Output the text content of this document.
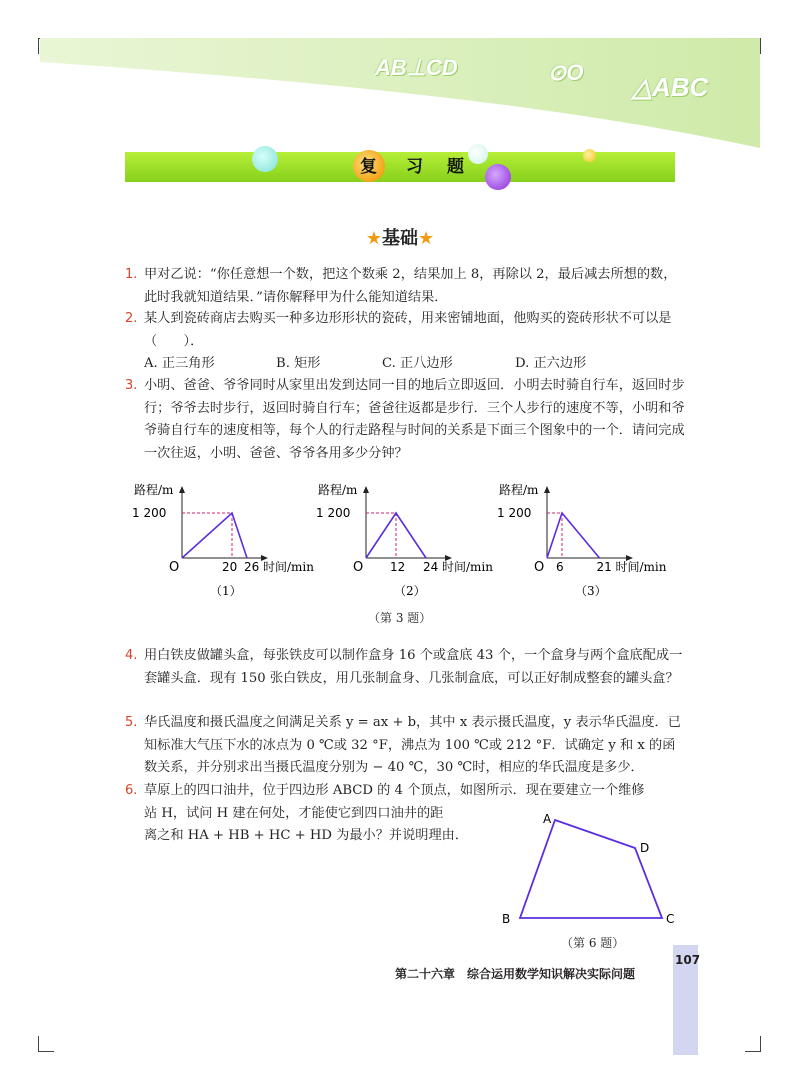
AB⊥CD	⊙O △ABC
复 习 题
★基础★
1. 甲对乙说：“你任意想一个数，把这个数乘 2，结果加上 8，再除以 2，最后减去所想的数，此时我就知道结果．”请你解释甲为什么能知道结果．
2. 某人到瓷砖商店去购买一种多边形形状的瓷砖，用来密铺地面，他购买的瓷砖形状不可以是（　　）．
A. 正三角形	B. 矩形	C. 正八边形	D. 正六边形
3. 小明、爸爸、爷爷同时从家里出发到达同一目的地后立即返回．小明去时骑自行车，返回时步行；爷爷去时步行，返回时骑自行车；爸爸往返都是步行．三个人步行的速度不等，小明和爷爷骑自行车的速度相等，每个人的行走路程与时间的关系是下面三个图象中的一个．请问完成一次往返，小明、爸爸、爷爷各用多少分钟？
路程/m
1 200
O	20 26 时间/min
（1）
路程/m
1 200
O 12 24 时间/min
（2）
路程/m
1 200
O 6	21 时间/min
（3）
（第 3 题）
4. 用白铁皮做罐头盒，每张铁皮可以制作盒身 16 个或盒底 43 个，一个盒身与两个盒底配成一套罐头盒．现有 150 张白铁皮，用几张制盒身、几张制盒底，可以正好制成整套的罐头盒？
5. 华氏温度和摄氏温度之间满足关系 y = ax + b，其中 x 表示摄氏温度，y 表示华氏温度．已知标准大气压下水的冰点为 0 ℃或 32 °F，沸点为 100 ℃或 212 °F．试确定 y 和 x 的函数关系，并分别求出当摄氏温度分别为 − 40 ℃，30 ℃时，相应的华氏温度是多少．
6. 草原上的四口油井，位于四边形 ABCD 的 4 个顶点，如图所示．现在要建立一个维修
站 H，试问 H 建在何处，才能使它到四口油井的距
离之和 HA + HB + HC + HD 为最小？并说明理由．
A
B	C
D
（第 6 题）
107
第二十六章　综合运用数学知识解决实际问题
